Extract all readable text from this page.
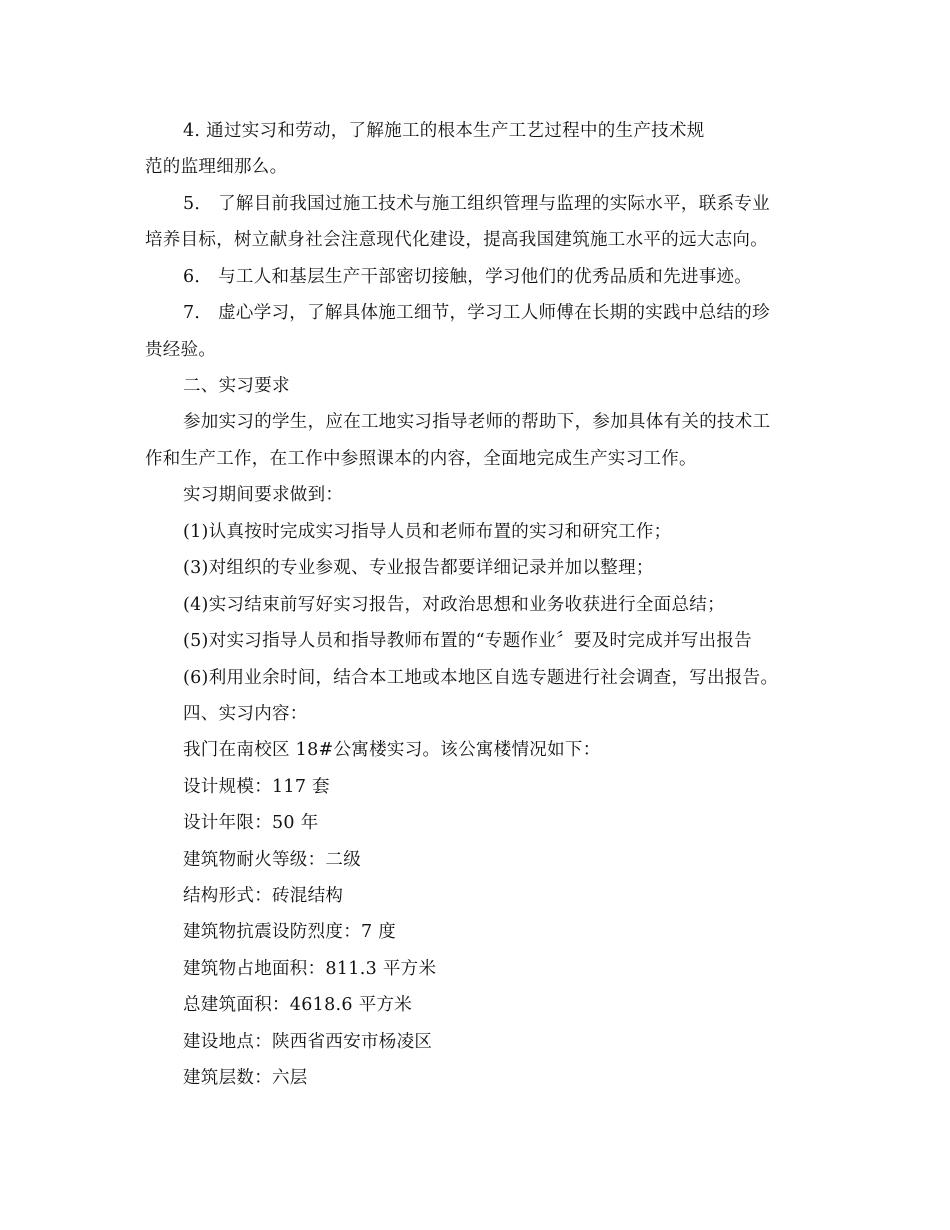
4. 通过实习和劳动，了解施工的根本生产工艺过程中的生产技术规
范的监理细那么。
5． 了解目前我国过施工技术与施工组织管理与监理的实际水平，联系专业
培养目标，树立献身社会注意现代化建设，提高我国建筑施工水平的远大志向。
6． 与工人和基层生产干部密切接触，学习他们的优秀品质和先进事迹。
7． 虚心学习，了解具体施工细节，学习工人师傅在长期的实践中总结的珍
贵经验。
二、实习要求
参加实习的学生，应在工地实习指导老师的帮助下，参加具体有关的技术工
作和生产工作，在工作中参照课本的内容，全面地完成生产实习工作。
实习期间要求做到：
(1)认真按时完成实习指导人员和老师布置的实习和研究工作；
(3)对组织的专业参观、专业报告都要详细记录并加以整理；
(4)实习结束前写好实习报告，对政治思想和业务收获进行全面总结；
(5)对实习指导人员和指导教师布置的“专题作业〞要及时完成并写出报告
(6)利用业余时间，结合本工地或本地区自选专题进行社会调查，写出报告。
四、实习内容：
我门在南校区 18#公寓楼实习。该公寓楼情况如下：
设计规模：117 套
设计年限：50 年
建筑物耐火等级：二级
结构形式：砖混结构
建筑物抗震设防烈度：7 度
建筑物占地面积：811.3 平方米
总建筑面积：4618.6 平方米
建设地点：陕西省西安市杨凌区
建筑层数：六层
